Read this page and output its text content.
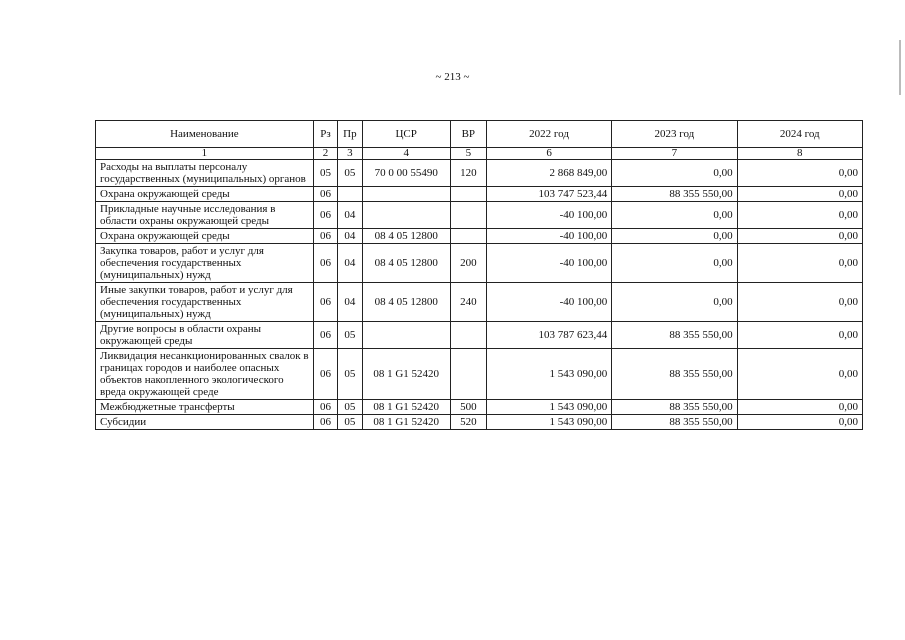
~ 213 ~
Наименование	Рз	Пр	ЦСР	ВР	2022 год	2023 год	2024 год
1	2	3	4	5	6	7	8
Расходы на выплаты персоналу государственных (муниципальных) органов	05	05	70 0 00 55490	120	2 868 849,00	0,00	0,00
Охрана окружающей среды	06				103 747 523,44	88 355 550,00	0,00
Прикладные научные исследования в области охраны окружающей среды	06	04			-40 100,00	0,00	0,00
Охрана окружающей среды	06	04	08 4 05 12800		-40 100,00	0,00	0,00
Закупка товаров, работ и услуг для обеспечения государственных (муниципальных) нужд	06	04	08 4 05 12800	200	-40 100,00	0,00	0,00
Иные закупки товаров, работ и услуг для обеспечения государственных (муниципальных) нужд	06	04	08 4 05 12800	240	-40 100,00	0,00	0,00
Другие вопросы в области охраны окружающей среды	06	05			103 787 623,44	88 355 550,00	0,00
Ликвидация несанкционированных свалок в границах городов и наиболее опасных объектов накопленного экологического вреда окружающей среде	06	05	08 1 G1 52420		1 543 090,00	88 355 550,00	0,00
Межбюджетные трансферты	06	05	08 1 G1 52420	500	1 543 090,00	88 355 550,00	0,00
Субсидии	06	05	08 1 G1 52420	520	1 543 090,00	88 355 550,00	0,00
